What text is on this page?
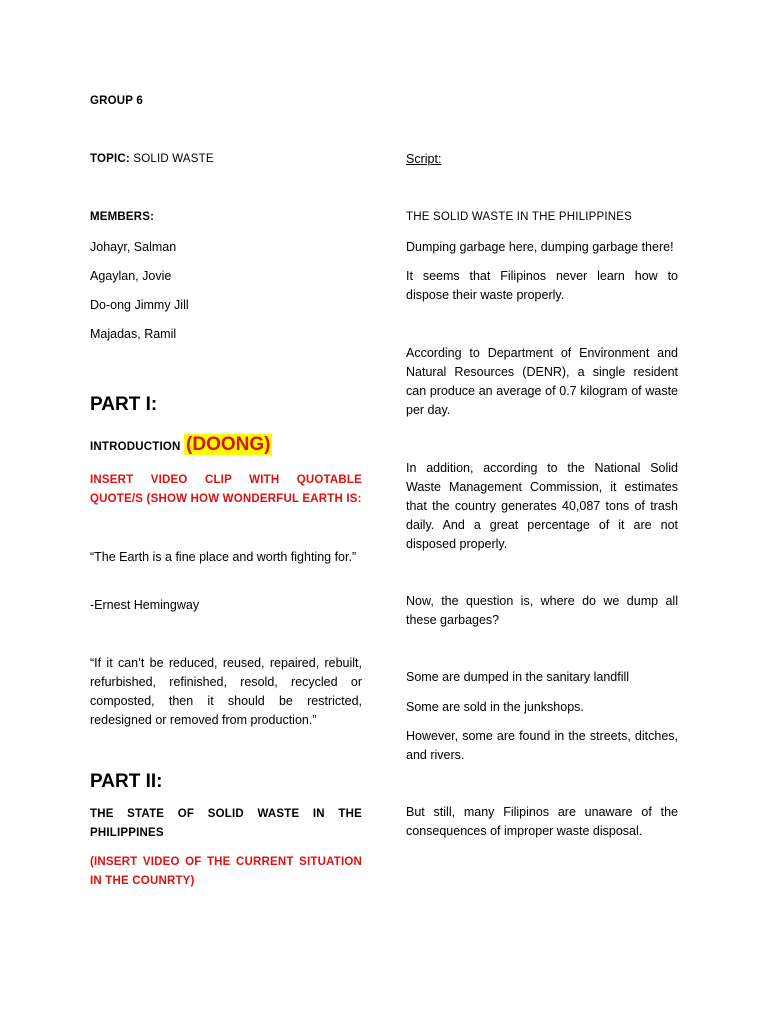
GROUP 6

TOPIC: SOLID WASTE

MEMBERS:

Johayr, Salman

Agaylan, Jovie

Do-ong Jimmy Jill

Majadas, Ramil

PART I:

INTRODUCTION (DOONG)

INSERT VIDEO CLIP WITH QUOTABLE QUOTE/S (SHOW HOW WONDERFUL EARTH IS:

“The Earth is a fine place and worth fighting for.”

-Ernest Hemingway

“If it can’t be reduced, reused, repaired, rebuilt, refurbished, refinished, resold, recycled or composted, then it should be restricted, redesigned or removed from production.”

PART II:

THE STATE OF SOLID WASTE IN THE PHILIPPINES

(INSERT VIDEO OF THE CURRENT SITUATION IN THE COUNRTY)

Script:

THE SOLID WASTE IN THE PHILIPPINES

Dumping garbage here, dumping garbage there!

It seems that Filipinos never learn how to dispose their waste properly.

According to Department of Environment and Natural Resources (DENR), a single resident can produce an average of 0.7 kilogram of waste per day.

In addition, according to the National Solid Waste Management Commission, it estimates that the country generates 40,087 tons of trash daily. And a great percentage of it are not disposed properly.

Now, the question is, where do we dump all these garbages?

Some are dumped in the sanitary landfill

Some are sold in the junkshops.

However, some are found in the streets, ditches, and rivers.

But still, many Filipinos are unaware of the consequences of improper waste disposal.
